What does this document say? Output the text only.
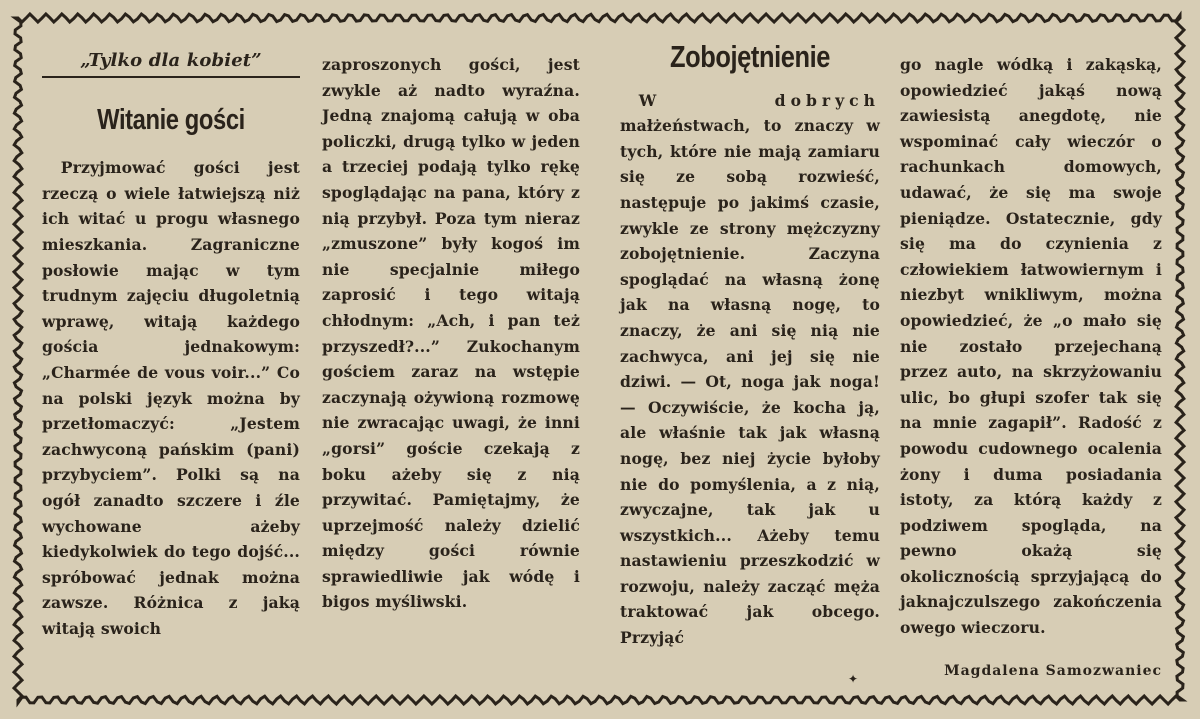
„Tylko dla kobiet”
Witanie gości

Przyjmować gości jest rzeczą o wiele łatwiejszą niż ich witać u progu własnego mieszkania. Zagraniczne posłowie mając w tym trudnym zajęciu długoletnią wprawę, witają każdego gościa jednakowym: „Charmée de vous voir...” Co na polski język można by przetłomaczyć: „Jestem zachwyconą pańskim (pani) przybyciem”. Polki są na ogół zanadto szczere i źle wychowane ażeby kiedykolwiek do tego dojść... spróbować jednak można zawsze. Różnica z jaką witają swoich

zaproszonych gości, jest zwykle aż nadto wyraźna. Jedną znajomą całują w oba policzki, drugą tylko w jeden a trzeciej podają tylko rękę spoglądając na pana, który z nią przybył. Poza tym nieraz „zmuszone” były kogoś im nie specjalnie miłego zaprosić i tego witają chłodnym: „Ach, i pan też przyszedł?...” Zukochanym gościem zaraz na wstępie zaczynają ożywioną rozmowę nie zwracając uwagi, że inni „gorsi” goście czekają z boku ażeby się z nią przywitać. Pamiętajmy, że uprzejmość należy dzielić między gości równie sprawiedliwie jak wódę i bigos myśliwski.

Zobojętnienie

W dobrych małżeństwach, to znaczy w tych, które nie mają zamiaru się ze sobą rozwieść, następuje po jakimś czasie, zwykle ze strony mężczyzny zobojętnienie. Zaczyna spoglądać na własną żonę jak na własną nogę, to znaczy, że ani się nią nie zachwyca, ani jej się nie dziwi. — Ot, noga jak noga! — Oczywiście, że kocha ją, ale właśnie tak jak własną nogę, bez niej życie byłoby nie do pomyślenia, a z nią, zwyczajne, tak jak u wszystkich... Ażeby temu nastawieniu przeszkodzić w rozwoju, należy zacząć męża traktować jak obcego. Przyjąć

go nagle wódką i zakąską, opowiedzieć jakąś nową zawiesistą anegdotę, nie wspominać cały wieczór o rachunkach domowych, udawać, że się ma swoje pieniądze. Ostatecznie, gdy się ma do czynienia z człowiekiem łatwowiernym i niezbyt wnikliwym, można opowiedzieć, że „o mało się nie zostało przejechaną przez auto, na skrzyżowaniu ulic, bo głupi szofer tak się na mnie zagapił”. Radość z powodu cudownego ocalenia żony i duma posiadania istoty, za którą każdy z podziwem spogląda, na pewno okażą się okolicznością sprzyjającą do jaknajczulszego zakończenia owego wieczoru.

Magdalena Samozwaniec
✦
